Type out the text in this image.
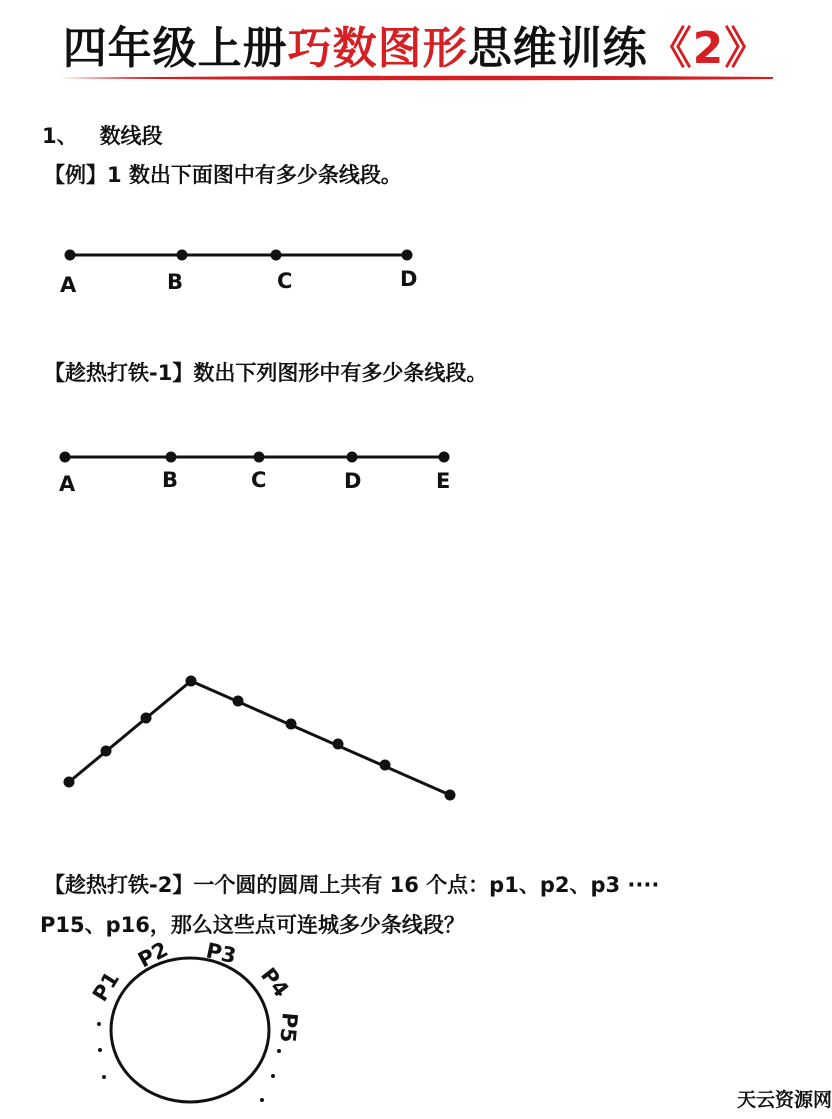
四年级上册巧数图形思维训练《2》
1、 数线段
【例】1 数出下面图中有多少条线段。
A	B	C	D
A	B	C	D	E
P1
P2 P3
P4
P5
【趁热打铁-1】数出下列图形中有多少条线段。
【趁热打铁-2】一个圆的圆周上共有 16 个点：p1、p2、p3 ····
P15、p16，那么这些点可连城多少条线段？
天云资源网
